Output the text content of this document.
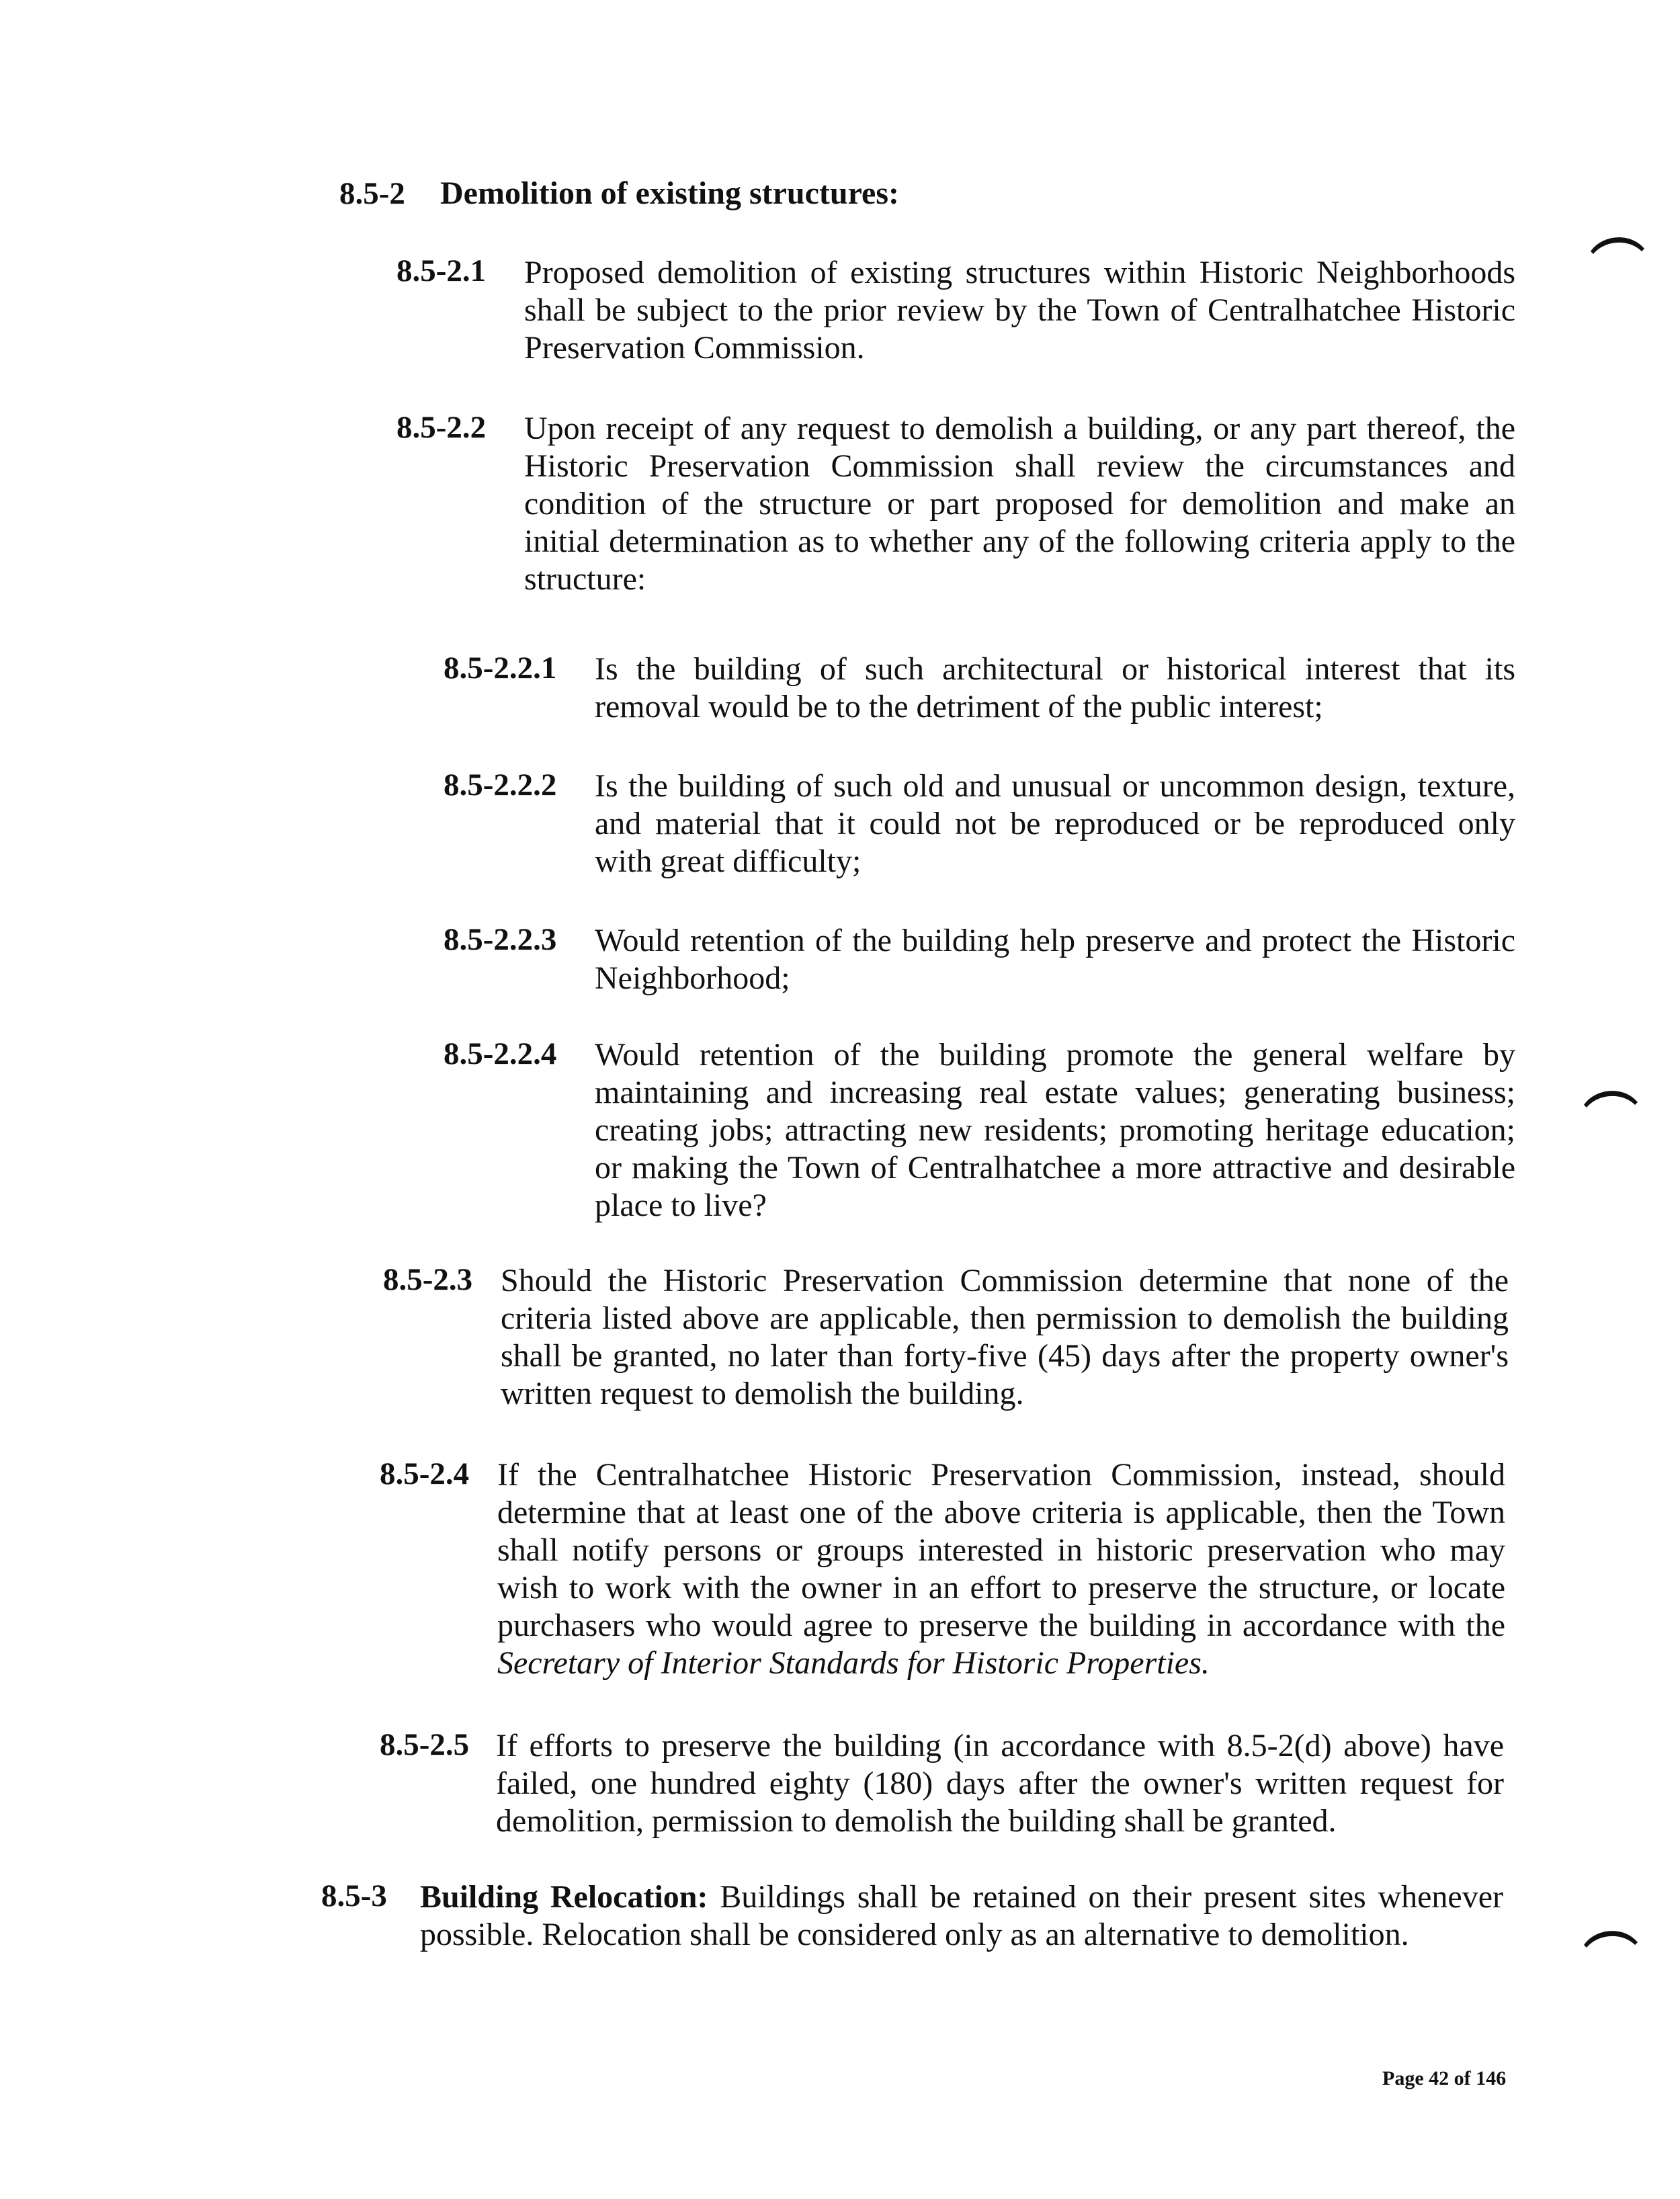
8.5-2 Demolition of existing structures:
8.5-2.1 Proposed demolition of existing structures within Historic Neighborhoods
shall be subject to the prior review by the Town of Centralhatchee Historic
Preservation Commission.
8.5-2.2 Upon receipt of any request to demolish a building, or any part thereof, the
Historic Preservation Commission shall review the circumstances and
condition of the structure or part proposed for demolition and make an
initial determination as to whether any of the following criteria apply to the
structure:
8.5-2.2.1 Is the building of such architectural or historical interest that its
removal would be to the detriment of the public interest;
8.5-2.2.2 Is the building of such old and unusual or uncommon design, texture,
and material that it could not be reproduced or be reproduced only
with great difficulty;
8.5-2.2.3 Would retention of the building help preserve and protect the Historic
Neighborhood;
8.5-2.2.4 Would retention of the building promote the general welfare by
maintaining and increasing real estate values; generating business;
creating jobs; attracting new residents; promoting heritage education;
or making the Town of Centralhatchee a more attractive and desirable
place to live?
8.5-2.3 Should the Historic Preservation Commission determine that none of the
criteria listed above are applicable, then permission to demolish the building
shall be granted, no later than forty-five (45) days after the property owner's
written request to demolish the building.
8.5-2.4 If the Centralhatchee Historic Preservation Commission, instead, should
determine that at least one of the above criteria is applicable, then the Town
shall notify persons or groups interested in historic preservation who may
wish to work with the owner in an effort to preserve the structure, or locate
purchasers who would agree to preserve the building in accordance with the
Secretary of Interior Standards for Historic Properties.
8.5-2.5 If efforts to preserve the building (in accordance with 8.5-2(d) above) have
failed, one hundred eighty (180) days after the owner's written request for
demolition, permission to demolish the building shall be granted.
8.5-3 Building Relocation: Buildings shall be retained on their present sites whenever
possible. Relocation shall be considered only as an alternative to demolition.
Page 42 of 146
